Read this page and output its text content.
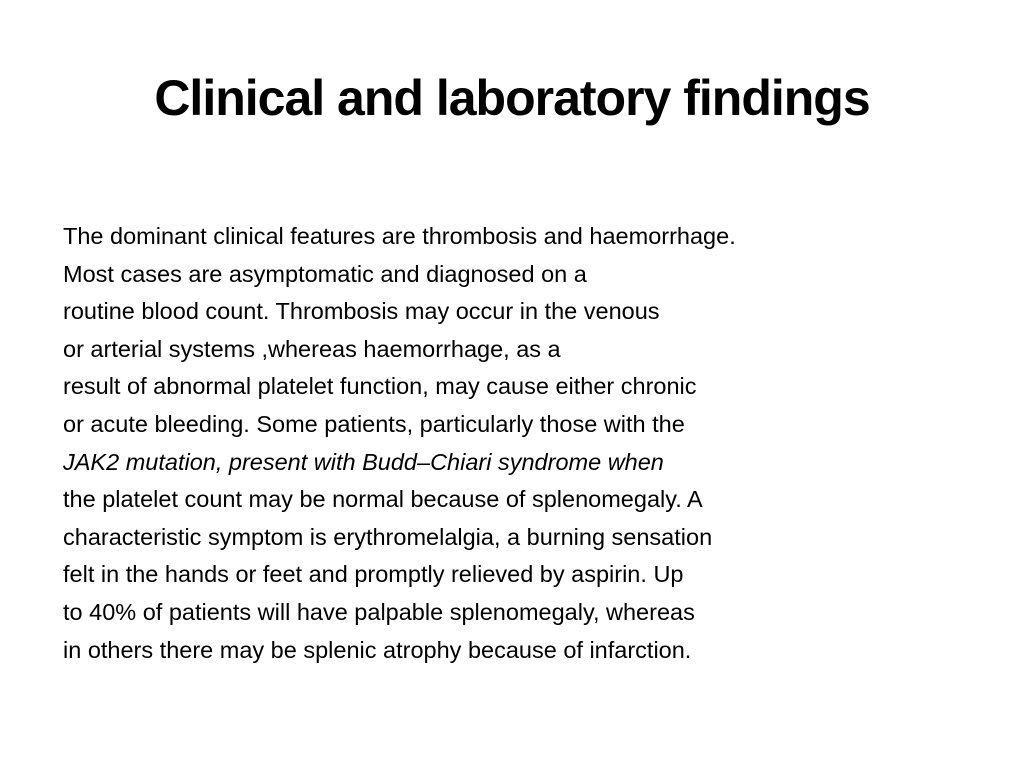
Clinical and laboratory findings
The dominant clinical features are thrombosis and haemorrhage.
Most cases are asymptomatic and diagnosed on a
routine blood count. Thrombosis may occur in the venous
or arterial systems ,whereas haemorrhage, as a
result of abnormal platelet function, may cause either chronic
or acute bleeding. Some patients, particularly those with the
JAK2 mutation, present with Budd–Chiari syndrome when
the platelet count may be normal because of splenomegaly. A
characteristic symptom is erythromelalgia, a burning sensation
felt in the hands or feet and promptly relieved by aspirin. Up
to 40% of patients will have palpable splenomegaly, whereas
in others there may be splenic atrophy because of infarction.
